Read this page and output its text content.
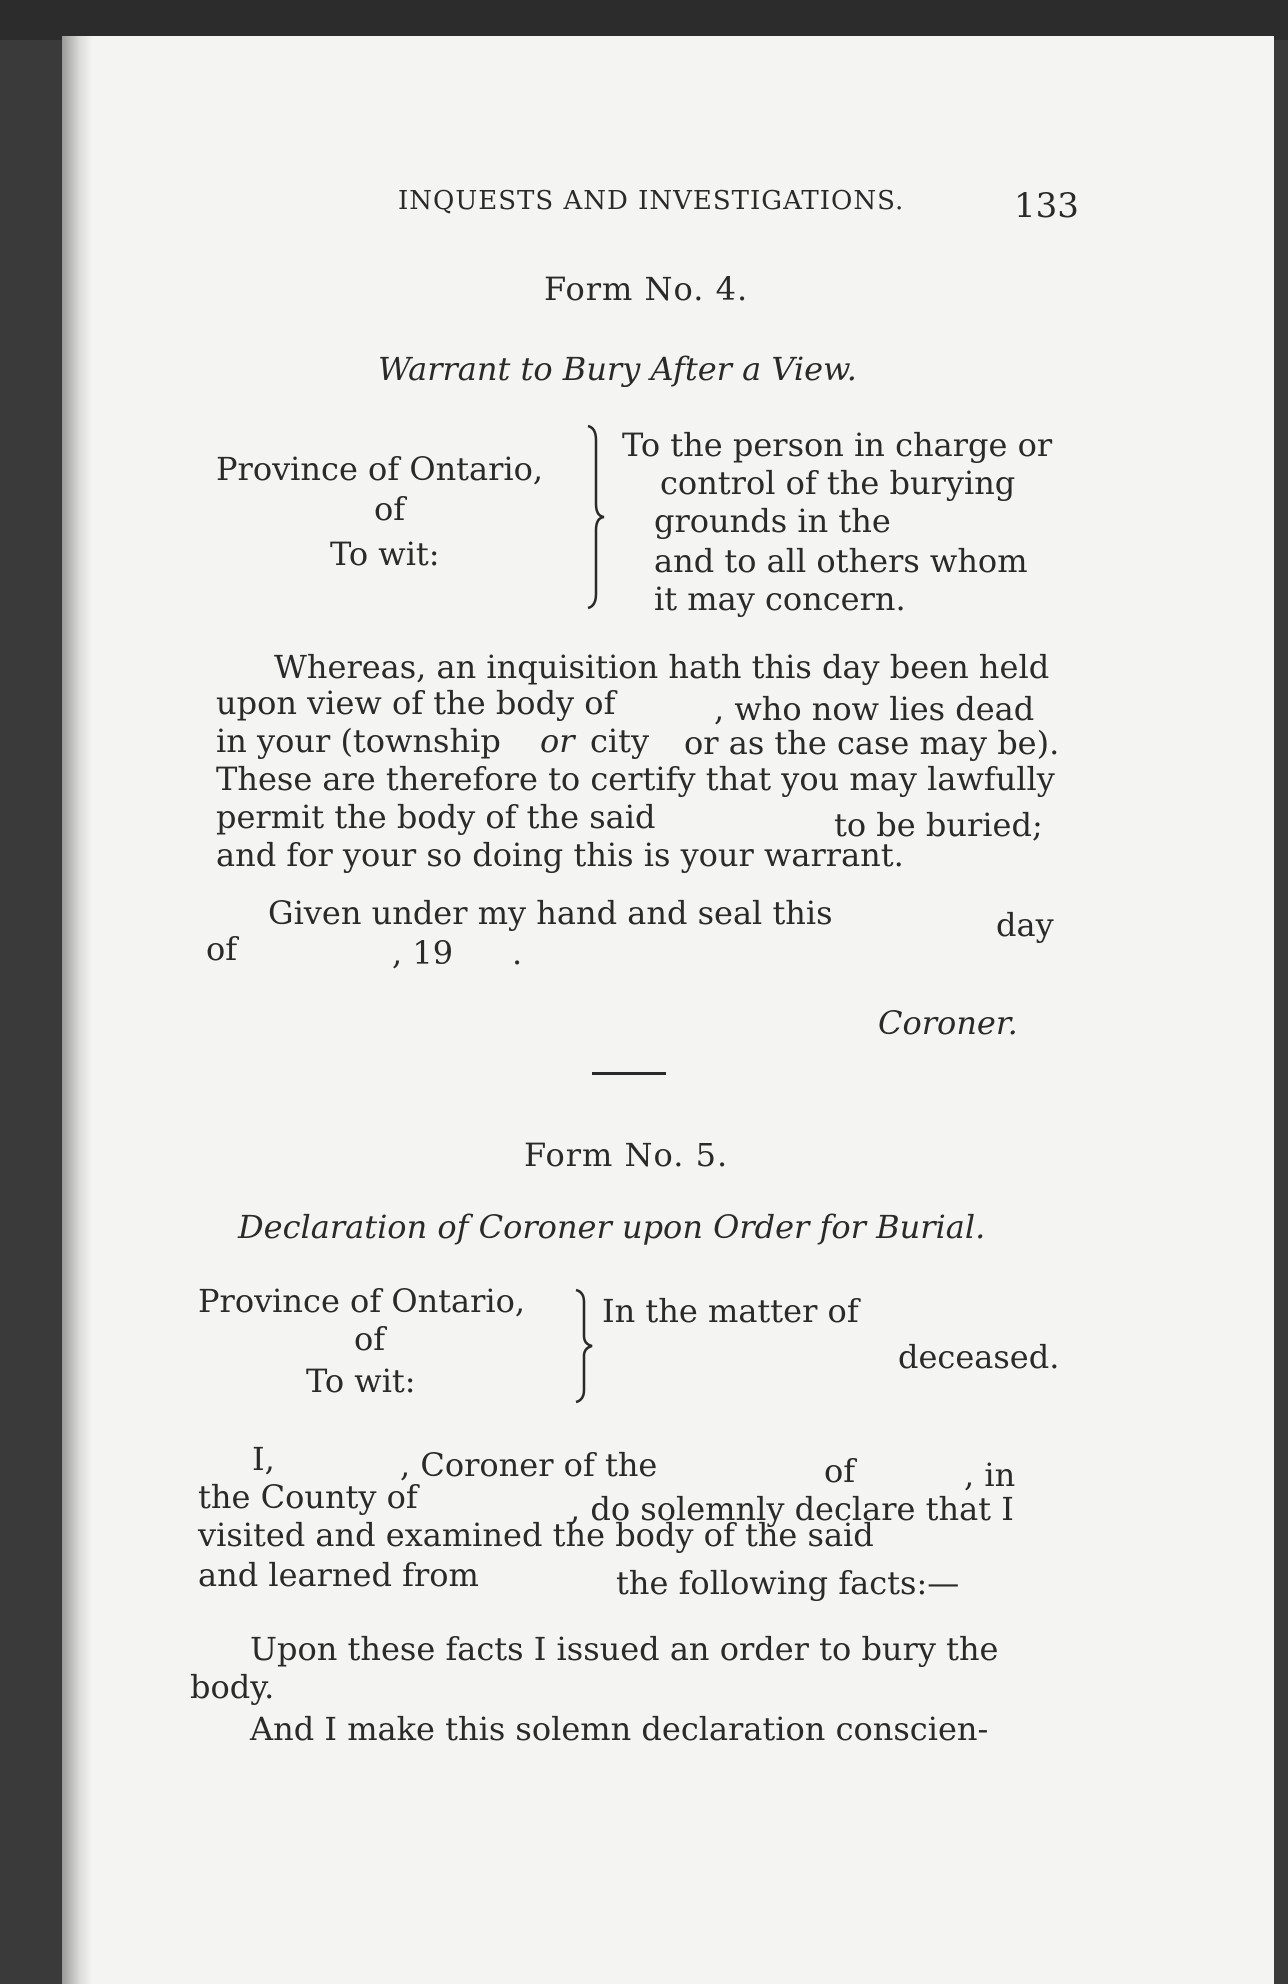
INQUESTS AND INVESTIGATIONS.	133
Form No. 4.
Warrant to Bury After a View.
Province of Ontario,
of
To wit:
To the person in charge or
control of the burying
grounds in the
and to all others whom
it may concern.
Whereas, an inquisition hath this day been held
upon view of the body of	, who now lies dead
in your (township or city or as the case may be).
These are therefore to certify that you may lawfully
permit the body of the said	to be buried;
and for your so doing this is your warrant.
Given under my hand and seal this	day
of	, 19 .
Coroner.
Form No. 5.
Declaration of Coroner upon Order for Burial.
Province of Ontario,
of
To wit:
In the matter of
deceased.
I,	, Coroner of the	of	, in
the County of	, do solemnly declare that I
visited and examined the body of the said
and learned from	the following facts:—
Upon these facts I issued an order to bury the
body.
And I make this solemn declaration conscien-
